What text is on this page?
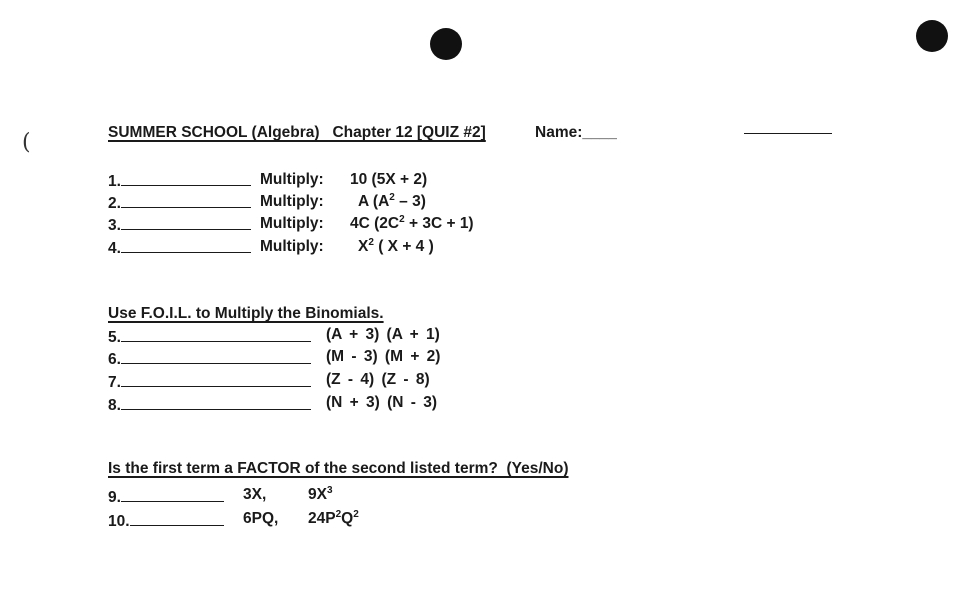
(	SUMMER SCHOOL (Algebra)   Chapter 12 [QUIZ #2]	Name:____
1.	Multiply: 10 (5X + 2)
2.	Multiply: A $(A^2 - 3)$
3.	Multiply: 4C $(2C^2 + 3C + 1)$
4.	Multiply: $X^2$ ( X + 4 )
Use F.O.I.L. to Multiply the Binomials.
5.	(A + 3) (A + 1)
6.	(M - 3) (M + 2)
7.	(Z - 4) (Z - 8)
8.	(N + 3) (N - 3)
Is the first term a FACTOR of the second listed term?  (Yes/No)
9.	3X,	$9X^3$
10.	6PQ, $24P^2Q^2$
